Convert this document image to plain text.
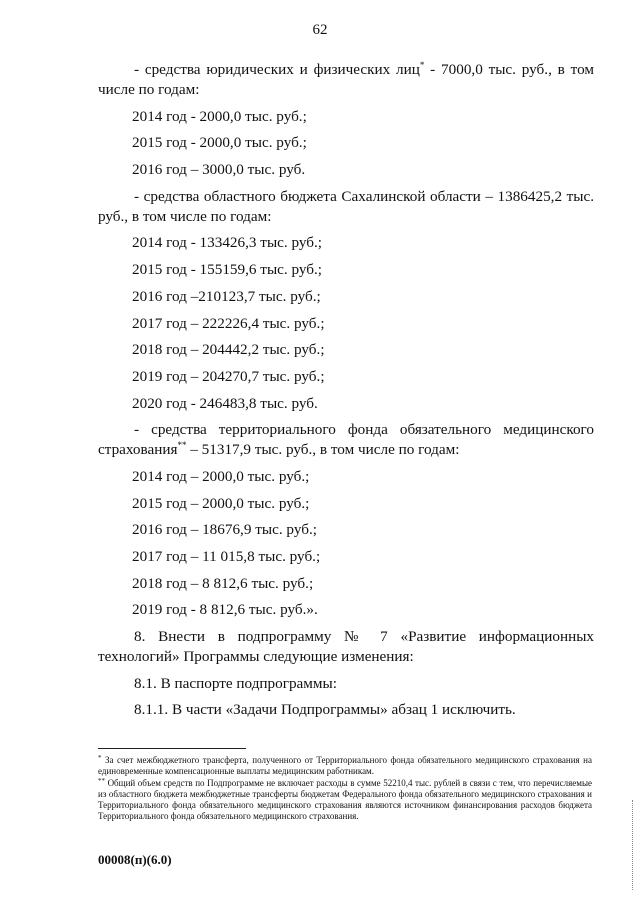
62

- средства юридических и физических лиц* - 7000,0 тыс. руб., в том числе по годам:

2014 год - 2000,0 тыс. руб.;
2015 год - 2000,0 тыс. руб.;
2016 год – 3000,0 тыс. руб.

- средства областного бюджета Сахалинской области – 1386425,2 тыс. руб., в том числе по годам:

2014 год - 133426,3 тыс. руб.;
2015 год - 155159,6 тыс. руб.;
2016 год –210123,7 тыс. руб.;
2017 год – 222226,4 тыс. руб.;
2018 год – 204442,2 тыс. руб.;
2019 год – 204270,7 тыс. руб.;
2020 год - 246483,8 тыс. руб.

- средства территориального фонда обязательного медицинского страхования** – 51317,9 тыс. руб., в том числе по годам:

2014 год – 2000,0 тыс. руб.;
2015 год – 2000,0 тыс. руб.;
2016 год – 18676,9 тыс. руб.;
2017 год – 11 015,8 тыс. руб.;
2018 год – 8 812,6 тыс. руб.;
2019 год - 8 812,6 тыс. руб.».

8. Внести в подпрограмму № 7 «Развитие информационных технологий» Программы следующие изменения:

8.1. В паспорте подпрограммы:

8.1.1. В части «Задачи Подпрограммы» абзац 1 исключить.

* За счет межбюджетного трансферта, полученного от Территориального фонда обязательного медицинского страхования на единовременные компенсационные выплаты медицинским работникам.

** Общий объем средств по Подпрограмме не включает расходы в сумме 52210,4 тыс. рублей в связи с тем, что перечисляемые из областного бюджета межбюджетные трансферты бюджетам Федерального фонда обязательного медицинского страхования и Территориального фонда обязательного медицинского страхования являются источником финансирования расходов бюджета Территориального фонда обязательного медицинского страхования.

00008(п)(6.0)
